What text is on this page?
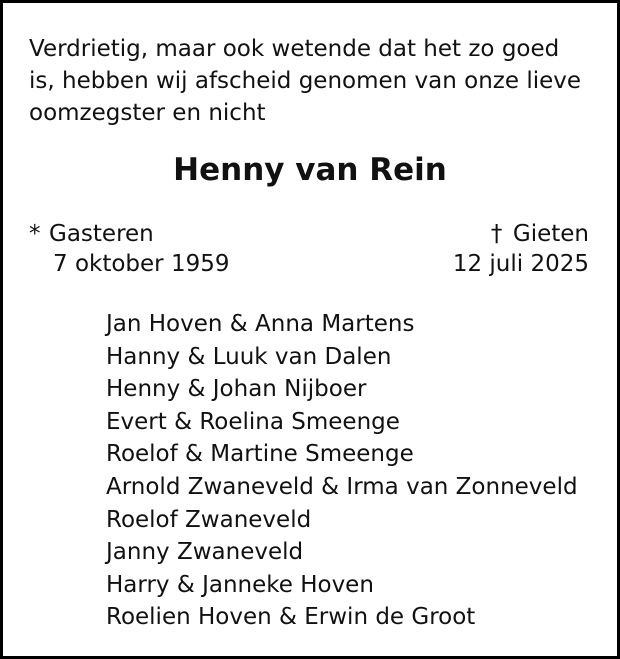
Verdrietig, maar ook wetende dat het zo goed
is, hebben wij afscheid genomen van onze lieve
oomzegster en nicht

Henny van Rein
* Gasteren
7 oktober 1959
† Gieten
12 juli 2025
Jan Hoven & Anna Martens
Hanny & Luuk van Dalen
Henny & Johan Nijboer
Evert & Roelina Smeenge
Roelof & Martine Smeenge
Arnold Zwaneveld & Irma van Zonneveld
Roelof Zwaneveld
Janny Zwaneveld
Harry & Janneke Hoven
Roelien Hoven & Erwin de Groot
